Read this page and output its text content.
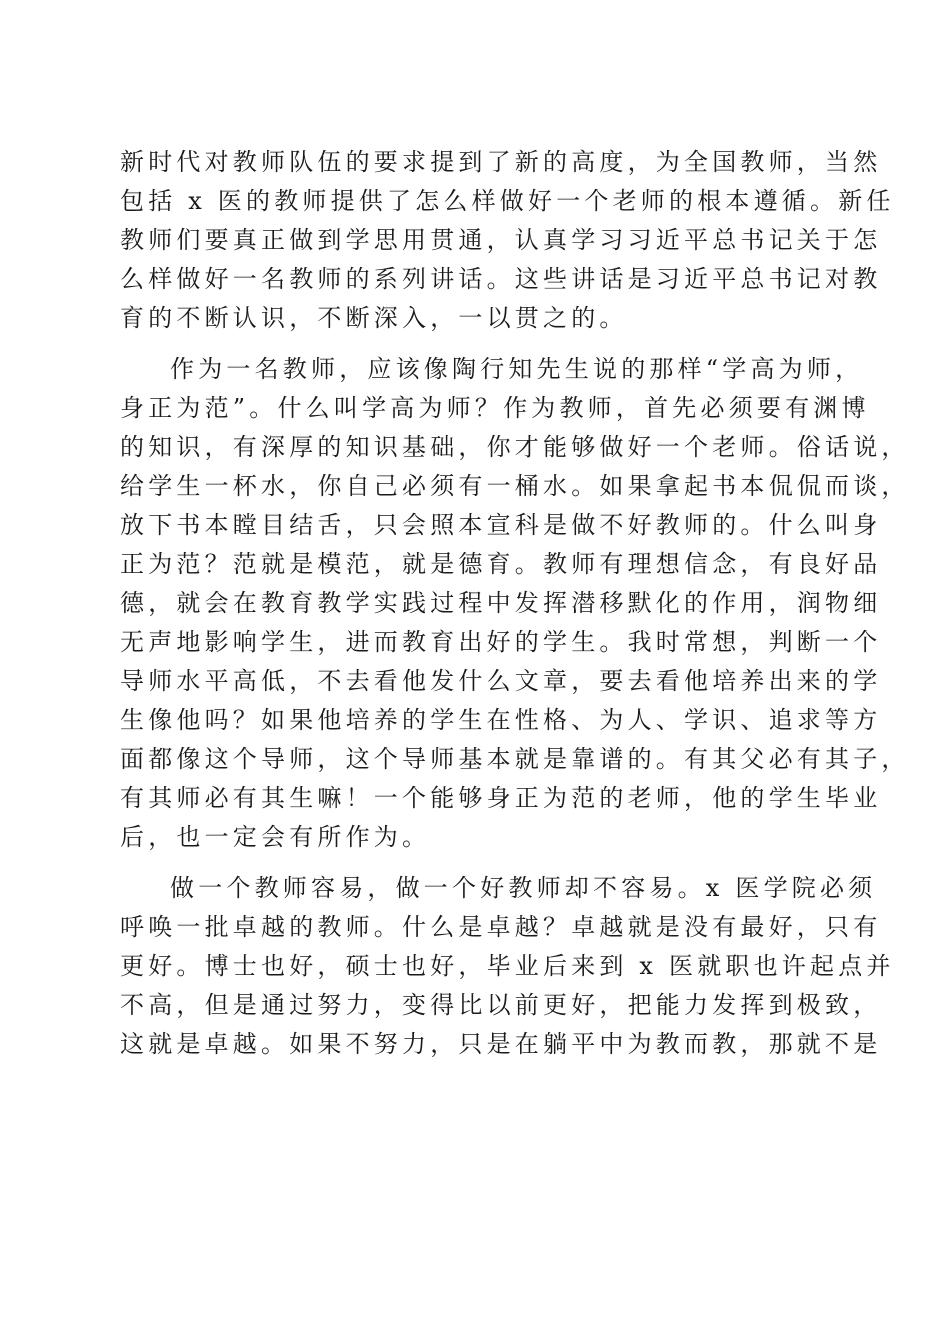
新时代对教师队伍的要求提到了新的高度，为全国教师，当然
包括 x 医的教师提供了怎么样做好一个老师的根本遵循。新任
教师们要真正做到学思用贯通，认真学习习近平总书记关于怎
么样做好一名教师的系列讲话。这些讲话是习近平总书记对教
育的不断认识，不断深入，一以贯之的。
作为一名教师，应该像陶行知先生说的那样“学高为师，
身正为范”。什么叫学高为师？作为教师，首先必须要有渊博
的知识，有深厚的知识基础，你才能够做好一个老师。俗话说，
给学生一杯水，你自己必须有一桶水。如果拿起书本侃侃而谈，
放下书本瞠目结舌，只会照本宣科是做不好教师的。什么叫身
正为范？范就是模范，就是德育。教师有理想信念，有良好品
德，就会在教育教学实践过程中发挥潜移默化的作用，润物细
无声地影响学生，进而教育出好的学生。我时常想，判断一个
导师水平高低，不去看他发什么文章，要去看他培养出来的学
生像他吗？如果他培养的学生在性格、为人、学识、追求等方
面都像这个导师，这个导师基本就是靠谱的。有其父必有其子，
有其师必有其生嘛！一个能够身正为范的老师，他的学生毕业
后，也一定会有所作为。
做一个教师容易，做一个好教师却不容易。x 医学院必须
呼唤一批卓越的教师。什么是卓越？卓越就是没有最好，只有
更好。博士也好，硕士也好，毕业后来到 x 医就职也许起点并
不高，但是通过努力，变得比以前更好，把能力发挥到极致，
这就是卓越。如果不努力，只是在躺平中为教而教，那就不是
